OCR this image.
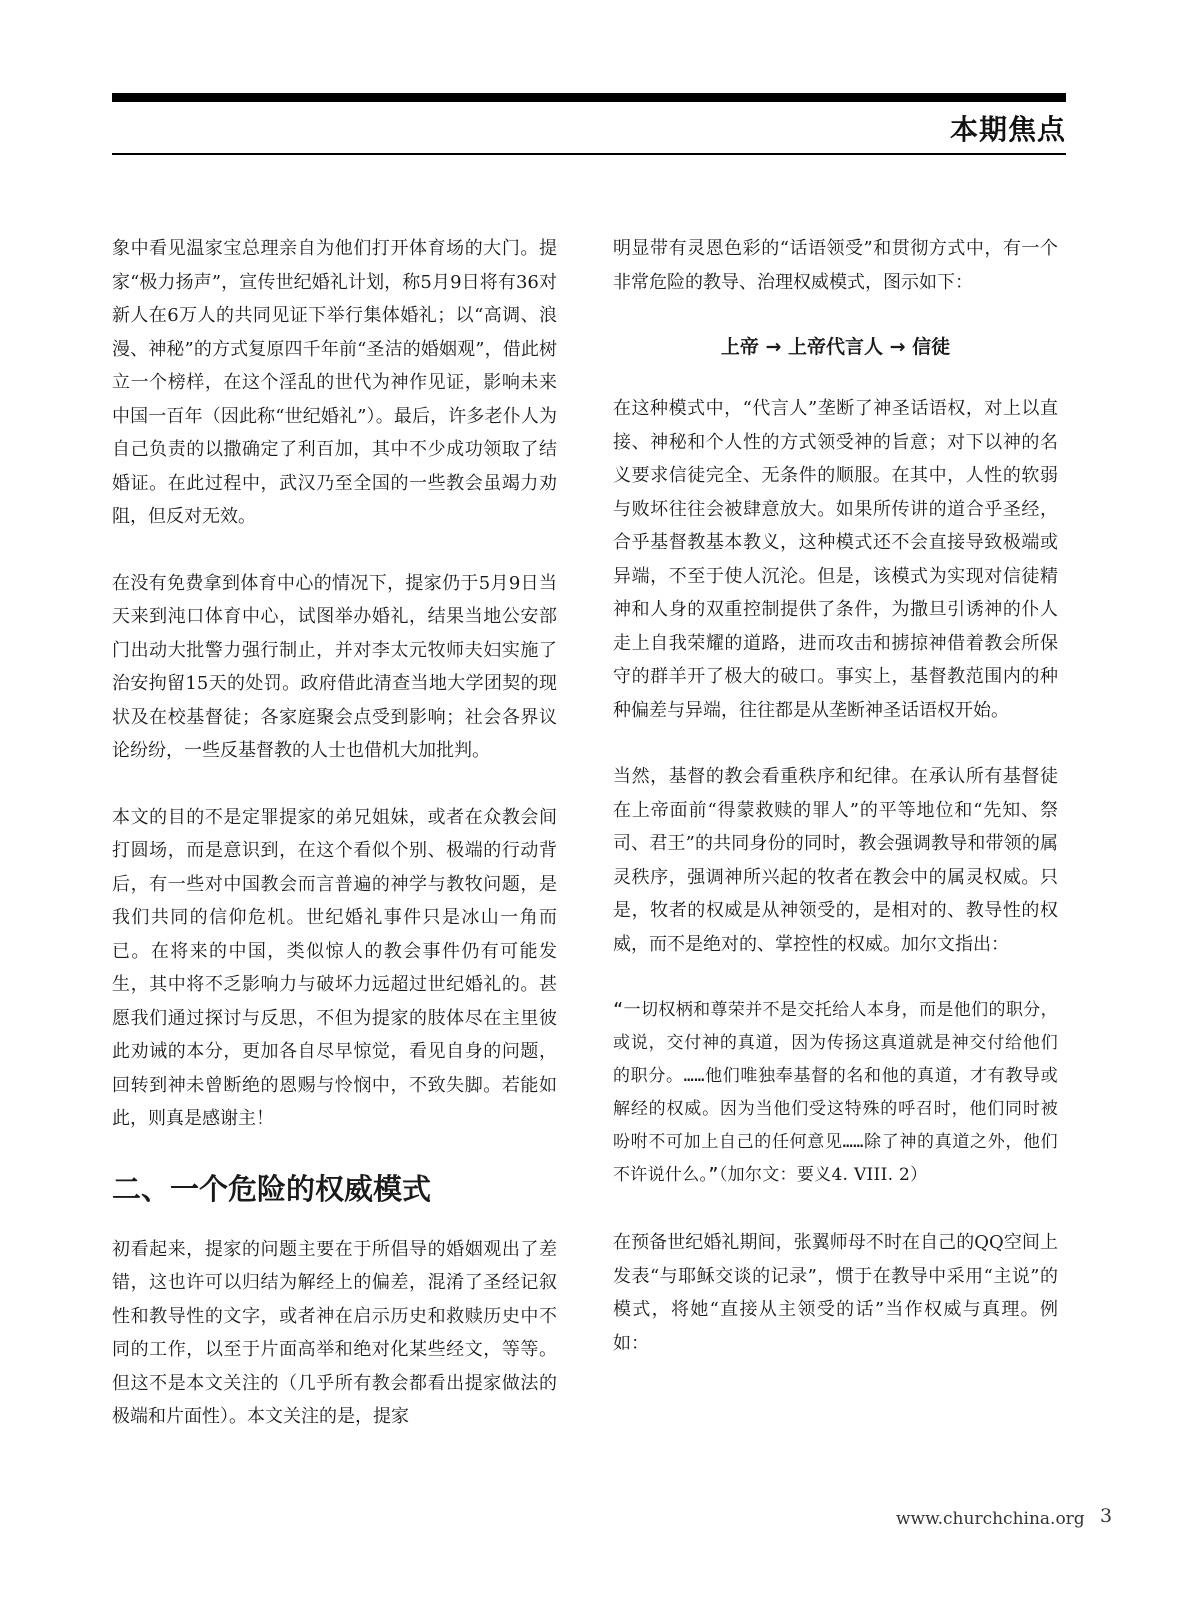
本期焦点

象中看见温家宝总理亲自为他们打开体育场的大门。提家“极力扬声”，宣传世纪婚礼计划，称5月9日将有36对新人在6万人的共同见证下举行集体婚礼；以“高调、浪漫、神秘”的方式复原四千年前“圣洁的婚姻观”，借此树立一个榜样，在这个淫乱的世代为神作见证，影响未来中国一百年（因此称“世纪婚礼”）。最后，许多老仆人为自己负责的以撒确定了利百加，其中不少成功领取了结婚证。在此过程中，武汉乃至全国的一些教会虽竭力劝阻，但反对无效。

在没有免费拿到体育中心的情况下，提家仍于5月9日当天来到沌口体育中心，试图举办婚礼，结果当地公安部门出动大批警力强行制止，并对李太元牧师夫妇实施了治安拘留15天的处罚。政府借此清查当地大学团契的现状及在校基督徒；各家庭聚会点受到影响；社会各界议论纷纷，一些反基督教的人士也借机大加批判。

本文的目的不是定罪提家的弟兄姐妹，或者在众教会间打圆场，而是意识到，在这个看似个别、极端的行动背后，有一些对中国教会而言普遍的神学与教牧问题，是我们共同的信仰危机。世纪婚礼事件只是冰山一角而已。在将来的中国，类似惊人的教会事件仍有可能发生，其中将不乏影响力与破坏力远超过世纪婚礼的。甚愿我们通过探讨与反思，不但为提家的肢体尽在主里彼此劝诫的本分，更加各自尽早惊觉，看见自身的问题，回转到神未曾断绝的恩赐与怜悯中，不致失脚。若能如此，则真是感谢主！

二、一个危险的权威模式

初看起来，提家的问题主要在于所倡导的婚姻观出了差错，这也许可以归结为解经上的偏差，混淆了圣经记叙性和教导性的文字，或者神在启示历史和救赎历史中不同的工作，以至于片面高举和绝对化某些经文，等等。但这不是本文关注的（几乎所有教会都看出提家做法的极端和片面性）。本文关注的是，提家

明显带有灵恩色彩的“话语领受”和贯彻方式中，有一个非常危险的教导、治理权威模式，图示如下：

上帝 → 上帝代言人 → 信徒

在这种模式中，“代言人”垄断了神圣话语权，对上以直接、神秘和个人性的方式领受神的旨意；对下以神的名义要求信徒完全、无条件的顺服。在其中，人性的软弱与败坏往往会被肆意放大。如果所传讲的道合乎圣经，合乎基督教基本教义，这种模式还不会直接导致极端或异端，不至于使人沉沦。但是，该模式为实现对信徒精神和人身的双重控制提供了条件，为撒旦引诱神的仆人走上自我荣耀的道路，进而攻击和掳掠神借着教会所保守的群羊开了极大的破口。事实上，基督教范围内的种种偏差与异端，往往都是从垄断神圣话语权开始。

当然，基督的教会看重秩序和纪律。在承认所有基督徒在上帝面前“得蒙救赎的罪人”的平等地位和“先知、祭司、君王”的共同身份的同时，教会强调教导和带领的属灵秩序，强调神所兴起的牧者在教会中的属灵权威。只是，牧者的权威是从神领受的，是相对的、教导性的权威，而不是绝对的、掌控性的权威。加尔文指出：

“一切权柄和尊荣并不是交托给人本身，而是他们的职分，或说，交付神的真道，因为传扬这真道就是神交付给他们的职分。……他们唯独奉基督的名和他的真道，才有教导或解经的权威。因为当他们受这特殊的呼召时，他们同时被吩咐不可加上自己的任何意见……除了神的真道之外，他们不许说什么。”（加尔文：要义4. VIII. 2）

在预备世纪婚礼期间，张翼师母不时在自己的QQ空间上发表“与耶稣交谈的记录”，惯于在教导中采用“主说”的模式，将她“直接从主领受的话”当作权威与真理。例如：

www.churchchina.org 3
